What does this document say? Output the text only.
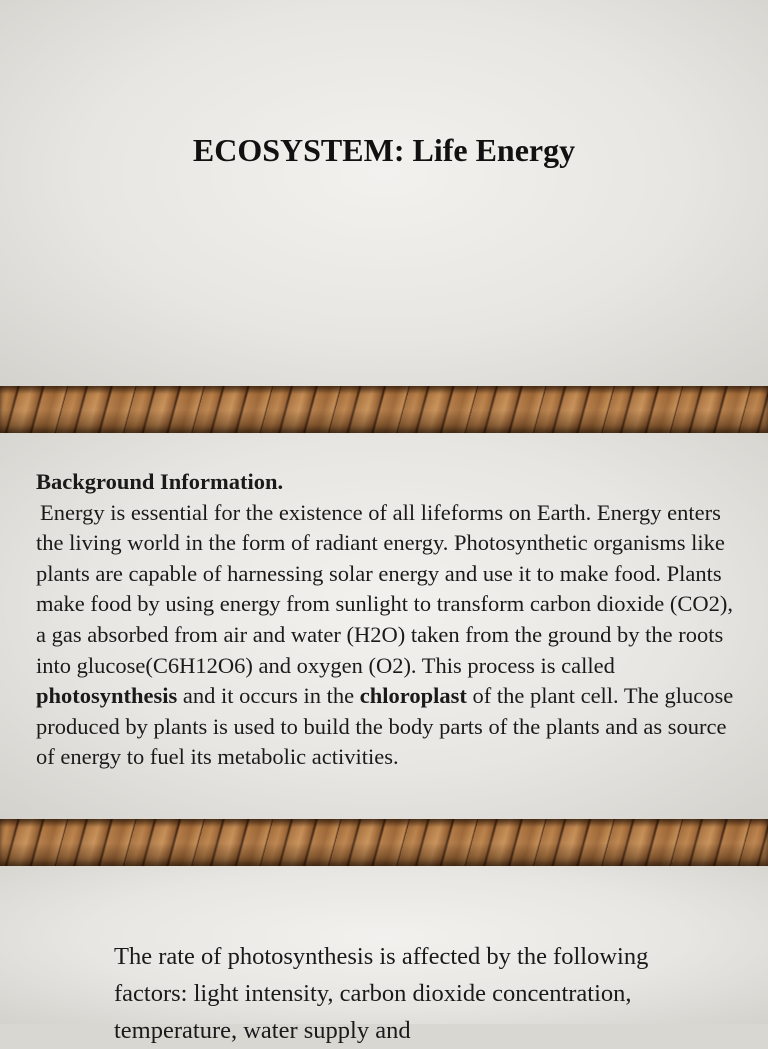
ECOSYSTEM: Life Energy

Background Information.

Energy is essential for the existence of all lifeforms on Earth. Energy enters the living world in the form of radiant energy. Photosynthetic organisms like plants are capable of harnessing solar energy and use it to make food. Plants make food by using energy from sunlight to transform carbon dioxide (CO2), a gas absorbed from air and water (H2O) taken from the ground by the roots into glucose(C6H12O6) and oxygen (O2). This process is called photosynthesis and it occurs in the chloroplast of the plant cell. The glucose produced by plants is used to build the body parts of the plants and as source of energy to fuel its metabolic activities.

The rate of photosynthesis is affected by the following factors: light intensity, carbon dioxide concentration, temperature, water supply and
